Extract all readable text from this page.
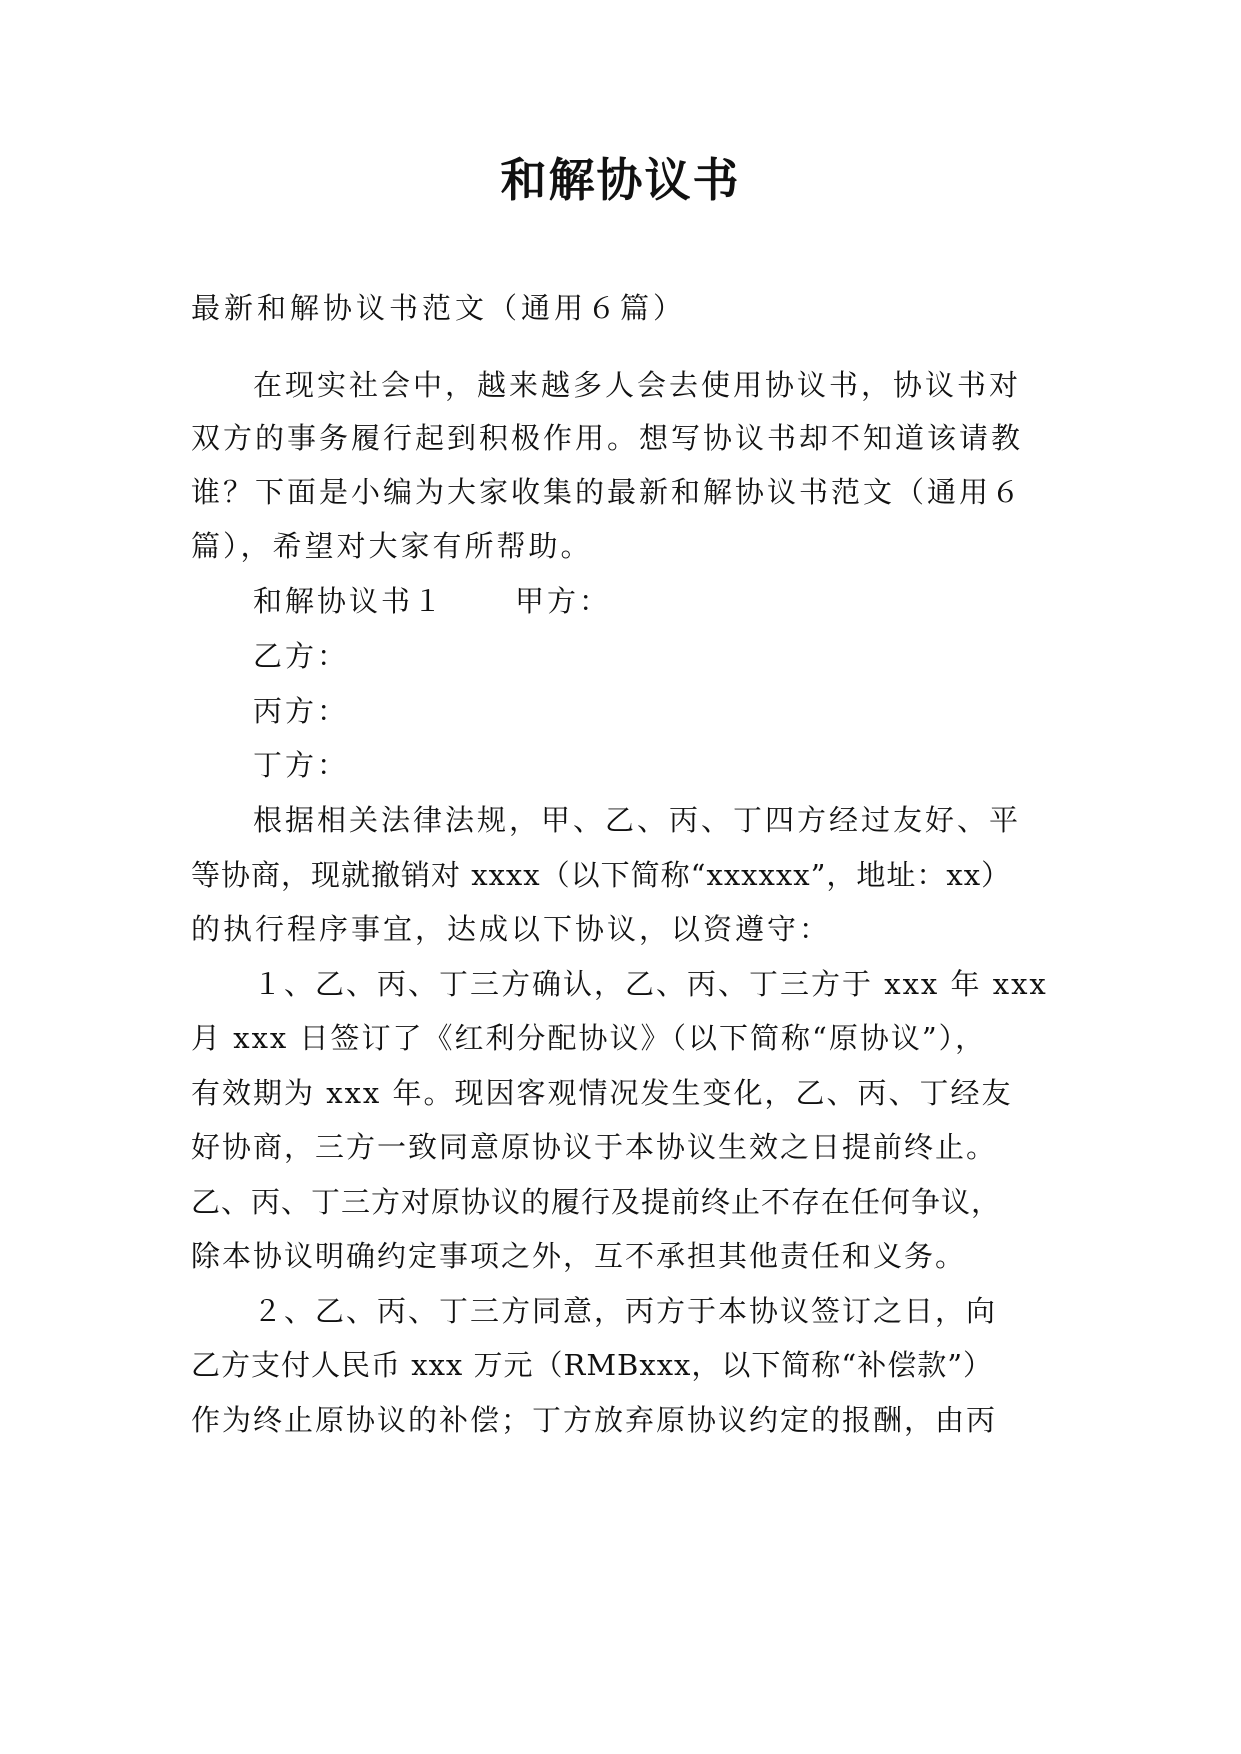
和解协议书
最新和解协议书范文（通用６篇）
在现实社会中，越来越多人会去使用协议书，协议书对
双方的事务履行起到积极作用。想写协议书却不知道该请教
谁？下面是小编为大家收集的最新和解协议书范文（通用６
篇），希望对大家有所帮助。
和解协议书１ 甲方：
乙方：
丙方：
丁方：
根据相关法律法规，甲、乙、丙、丁四方经过友好、平
等协商，现就撤销对 xxxx（以下简称“xxxxxx”，地址：xx）
的执行程序事宜，达成以下协议，以资遵守：
１、乙、丙、丁三方确认，乙、丙、丁三方于 xxx 年 xxx
月 xxx 日签订了《红利分配协议》（以下简称“原协议”），
有效期为 xxx 年。现因客观情况发生变化，乙、丙、丁经友
好协商，三方一致同意原协议于本协议生效之日提前终止。
乙、丙、丁三方对原协议的履行及提前终止不存在任何争议，
除本协议明确约定事项之外，互不承担其他责任和义务。
２、乙、丙、丁三方同意，丙方于本协议签订之日，向
乙方支付人民币 xxx 万元（RMBxxx，以下简称“补偿款”）
作为终止原协议的补偿；丁方放弃原协议约定的报酬，由丙
